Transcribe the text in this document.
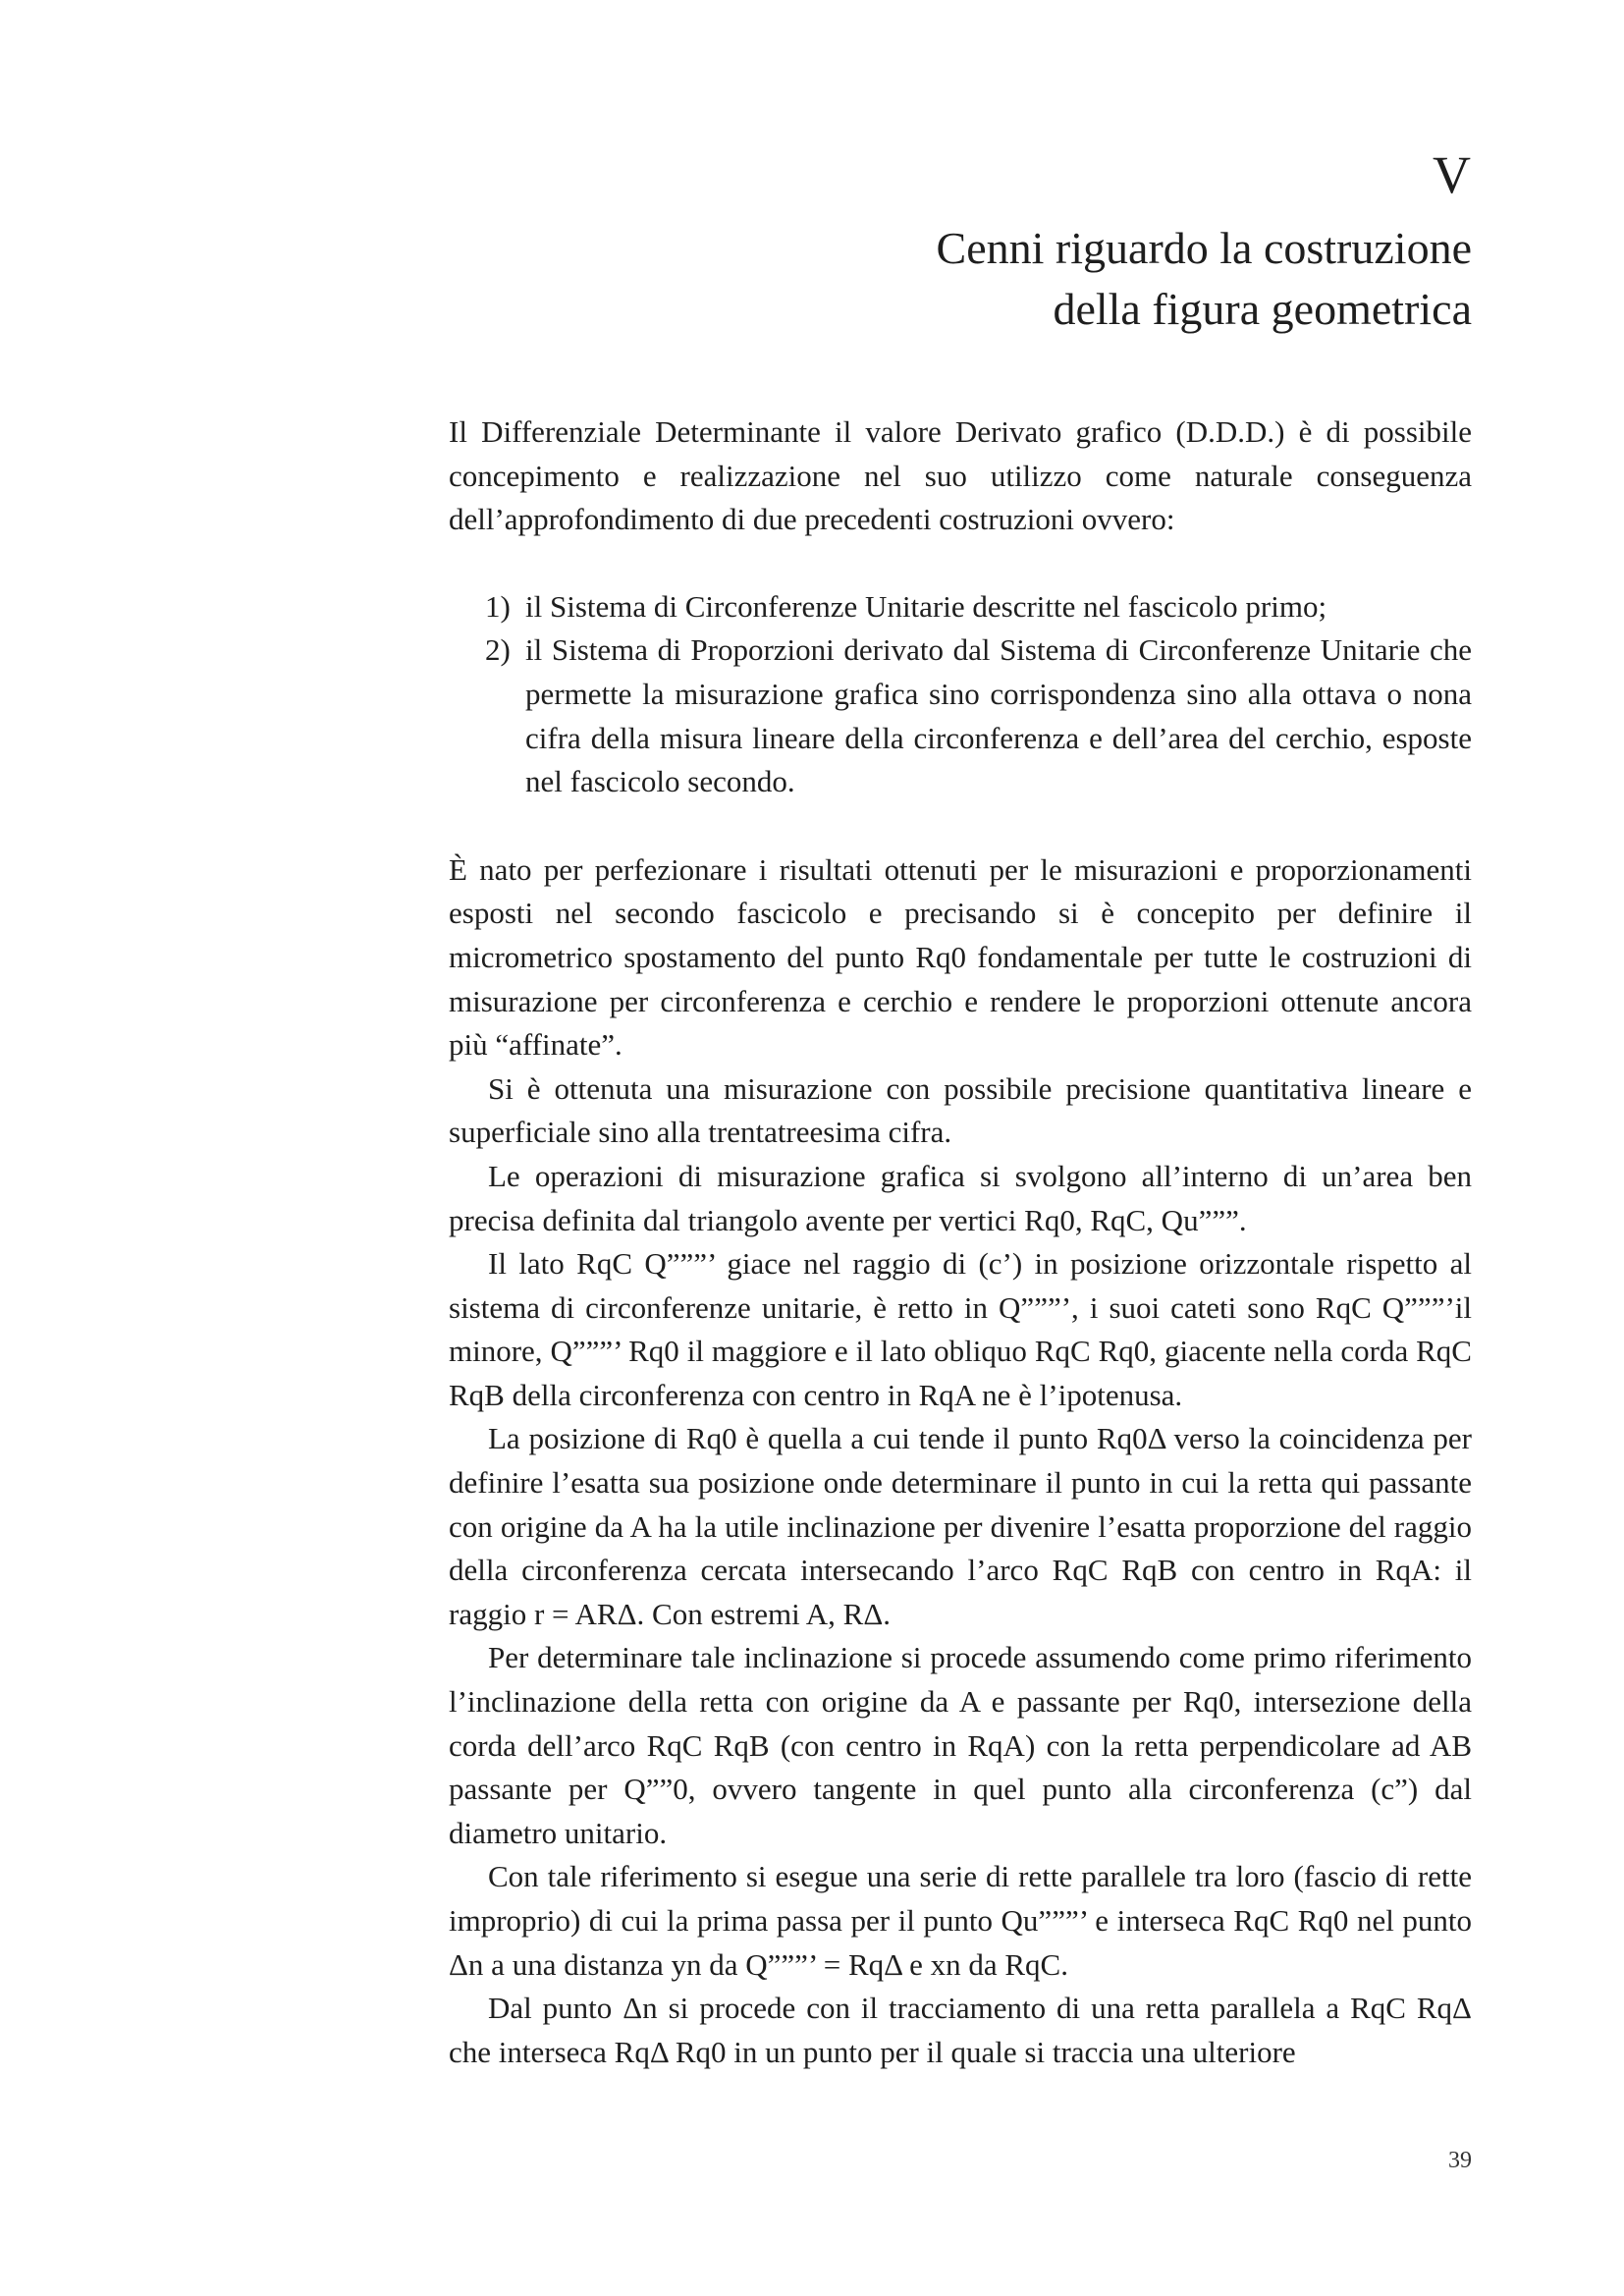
V
Cenni riguardo la costruzione
della figura geometrica

Il Differenziale Determinante il valore Derivato grafico (D.D.D.) è di possibile concepimento e realizzazione nel suo utilizzo come naturale conseguenza dell’approfondimento di due precedenti costruzioni ovvero:

1) il Sistema di Circonferenze Unitarie descritte nel fascicolo primo;
2) il Sistema di Proporzioni derivato dal Sistema di Circonferenze Unitarie che permette la misurazione grafica sino corrispondenza sino alla ottava o nona cifra della misura lineare della circonferenza e dell’area del cerchio, esposte nel fascicolo secondo.

È nato per perfezionare i risultati ottenuti per le misurazioni e proporzionamenti esposti nel secondo fascicolo e precisando si è concepito per definire il micrometrico spostamento del punto Rq0 fondamentale per tutte le costruzioni di misurazione per circonferenza e cerchio e rendere le proporzioni ottenute ancora più “affinate”.

Si è ottenuta una misurazione con possibile precisione quantitativa lineare e superficiale sino alla trentatreesima cifra.

Le operazioni di misurazione grafica si svolgono all’interno di un’area ben precisa definita dal triangolo avente per vertici Rq0, RqC, Qu”””.

Il lato RqC Q”””’ giace nel raggio di (c’) in posizione orizzontale rispetto al sistema di circonferenze unitarie, è retto in Q”””’, i suoi cateti sono RqC Q”””’il minore, Q”””’ Rq0 il maggiore e il lato obliquo RqC Rq0, giacente nella corda RqC RqB della circonferenza con centro in RqA ne è l’ipotenusa.

La posizione di Rq0 è quella a cui tende il punto Rq0Δ verso la coincidenza per definire l’esatta sua posizione onde determinare il punto in cui la retta qui passante con origine da A ha la utile inclinazione per divenire l’esatta proporzione del raggio della circonferenza cercata intersecando l’arco RqC RqB con centro in RqA: il raggio r = ARΔ. Con estremi A, RΔ.

Per determinare tale inclinazione si procede assumendo come primo riferimento l’inclinazione della retta con origine da A e passante per Rq0, intersezione della corda dell’arco RqC RqB (con centro in RqA) con la retta perpendicolare ad AB passante per Q””0, ovvero tangente in quel punto alla circonferenza (c”) dal diametro unitario.

Con tale riferimento si esegue una serie di rette parallele tra loro (fascio di rette improprio) di cui la prima passa per il punto Qu”””’ e interseca RqC Rq0 nel punto Δn a una distanza yn da Q”””’ = RqΔ e xn da RqC.

Dal punto Δn si procede con il tracciamento di una retta parallela a RqC RqΔ che interseca RqΔ Rq0 in un punto per il quale si traccia una ulteriore

39
